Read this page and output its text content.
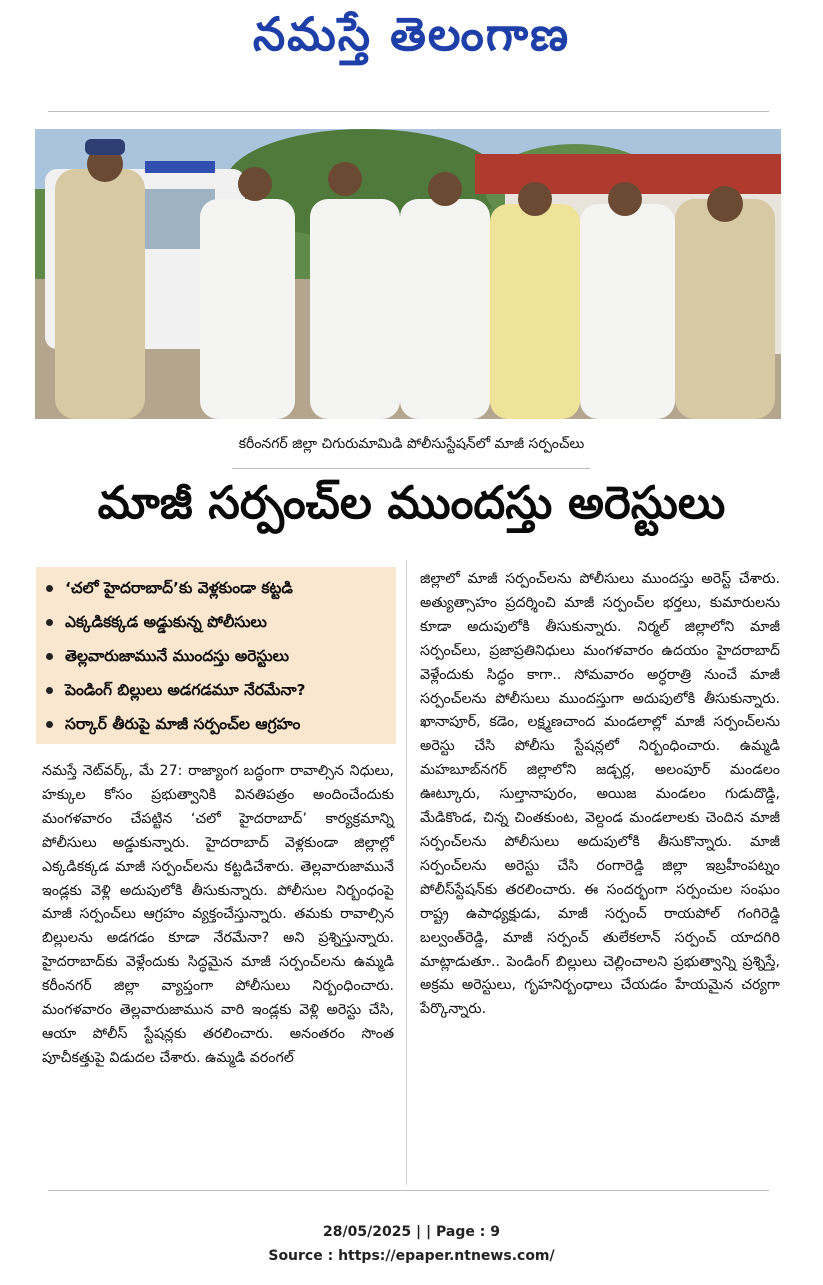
నమస్తే తెలంగాణ
కరీంనగర్ జిల్లా చిగురుమామిడి పోలీసుస్టేషన్‌లో మాజీ సర్పంచ్‌లు
మాజీ సర్పంచ్‌ల ముందస్తు అరెస్టులు
‘చలో హైదరాబాద్’కు వెళ్లకుండా కట్టడి
ఎక్కడికక్కడ అడ్డుకున్న పోలీసులు
తెల్లవారుజామునే ముందస్తు అరెస్టులు
పెండింగ్ బిల్లులు అడగడమూ నేరమేనా?
సర్కార్ తీరుపై మాజీ సర్పంచ్‌ల ఆగ్రహం

నమస్తే నెట్‌వర్క్, మే 27: రాజ్యాంగ బద్ధంగా రావాల్సిన నిధులు, హక్కుల కోసం ప్రభుత్వానికి వినతిపత్రం అందించేందుకు మంగళవారం చేపట్టిన ‘చలో హైదరాబాద్’ కార్యక్రమాన్ని పోలీసులు అడ్డుకున్నారు. హైదరాబాద్ వెళ్లకుండా జిల్లాల్లో ఎక్కడికక్కడ మాజీ సర్పంచ్‌లను కట్టడిచేశారు. తెల్లవారుజామునే ఇండ్లకు వెళ్లి అదుపులోకి తీసుకున్నారు. పోలీసుల నిర్బంధంపై మాజీ సర్పంచ్‌లు ఆగ్రహం వ్యక్తంచేస్తున్నారు. తమకు రావాల్సిన బిల్లులను అడగడం కూడా నేరమేనా? అని ప్రశ్నిస్తున్నారు. హైదరాబాద్‌కు వెళ్లేందుకు సిద్ధమైన మాజీ సర్పంచ్‌లను ఉమ్మడి కరీంనగర్ జిల్లా వ్యాప్తంగా పోలీసులు నిర్బంధించారు. మంగళవారం తెల్లవారుజామున వారి ఇండ్లకు వెళ్లి అరెస్టు చేసి, ఆయా పోలీస్ స్టేషన్లకు తరలించారు. అనంతరం సొంత పూచీకత్తుపై విడుదల చేశారు. ఉమ్మడి వరంగల్

జిల్లాలో మాజీ సర్పంచ్‌లను పోలీసులు ముందస్తు అరెస్ట్ చేశారు. అత్యుత్సాహం ప్రదర్శించి మాజీ సర్పంచ్‌ల భర్తలు, కుమారులను కూడా అదుపులోకి తీసుకున్నారు. నిర్మల్ జిల్లాలోని మాజీ సర్పంచ్‌లు, ప్రజాప్రతినిధులు మంగళవారం ఉదయం హైదరాబాద్ వెళ్లేందుకు సిద్ధం కాగా.. సోమవారం అర్ధరాత్రి నుంచే మాజీ సర్పంచ్‌లను పోలీసులు ముందస్తుగా అదుపులోకి తీసుకున్నారు. ఖానాపూర్, కడెం, లక్ష్మణచాంద మండలాల్లో మాజీ సర్పంచ్‌లను అరెస్టు చేసి పోలీసు స్టేషన్లలో నిర్బంధించారు. ఉమ్మడి మహబూబ్‌నగర్ జిల్లాలోని జడ్చర్ల, అలంపూర్ మండలం ఊట్కూరు, సుల్తానాపురం, అయిజ మండలం గుడుదొడ్డి, మేడికొండ, చిన్న చింతకుంట, వెల్దండ మండలాలకు చెందిన మాజీ సర్పంచ్‌లను పోలీసులు అదుపులోకి తీసుకొన్నారు. మాజీ సర్పంచ్‌లను అరెస్టు చేసి రంగారెడ్డి జిల్లా ఇబ్రహీంపట్నం పోలీస్‌స్టేషన్‌కు తరలించారు. ఈ సందర్భంగా సర్పంచుల సంఘం రాష్ట్ర ఉపాధ్యక్షుడు, మాజీ సర్పంచ్ రాయపోల్ గంగిరెడ్డి బల్వంత్‌రెడ్డి, మాజీ సర్పంచ్ తులేకలాన్ సర్పంచ్ యాదగిరి మాట్లాడుతూ.. పెండింగ్ బిల్లులు చెల్లించాలని ప్రభుత్వాన్ని ప్రశ్నిస్తే, అక్రమ అరెస్టులు, గృహనిర్బంధాలు చేయడం హేయమైన చర్యగా పేర్కొన్నారు.

28/05/2025 | | Page : 9
Source : https://epaper.ntnews.com/
